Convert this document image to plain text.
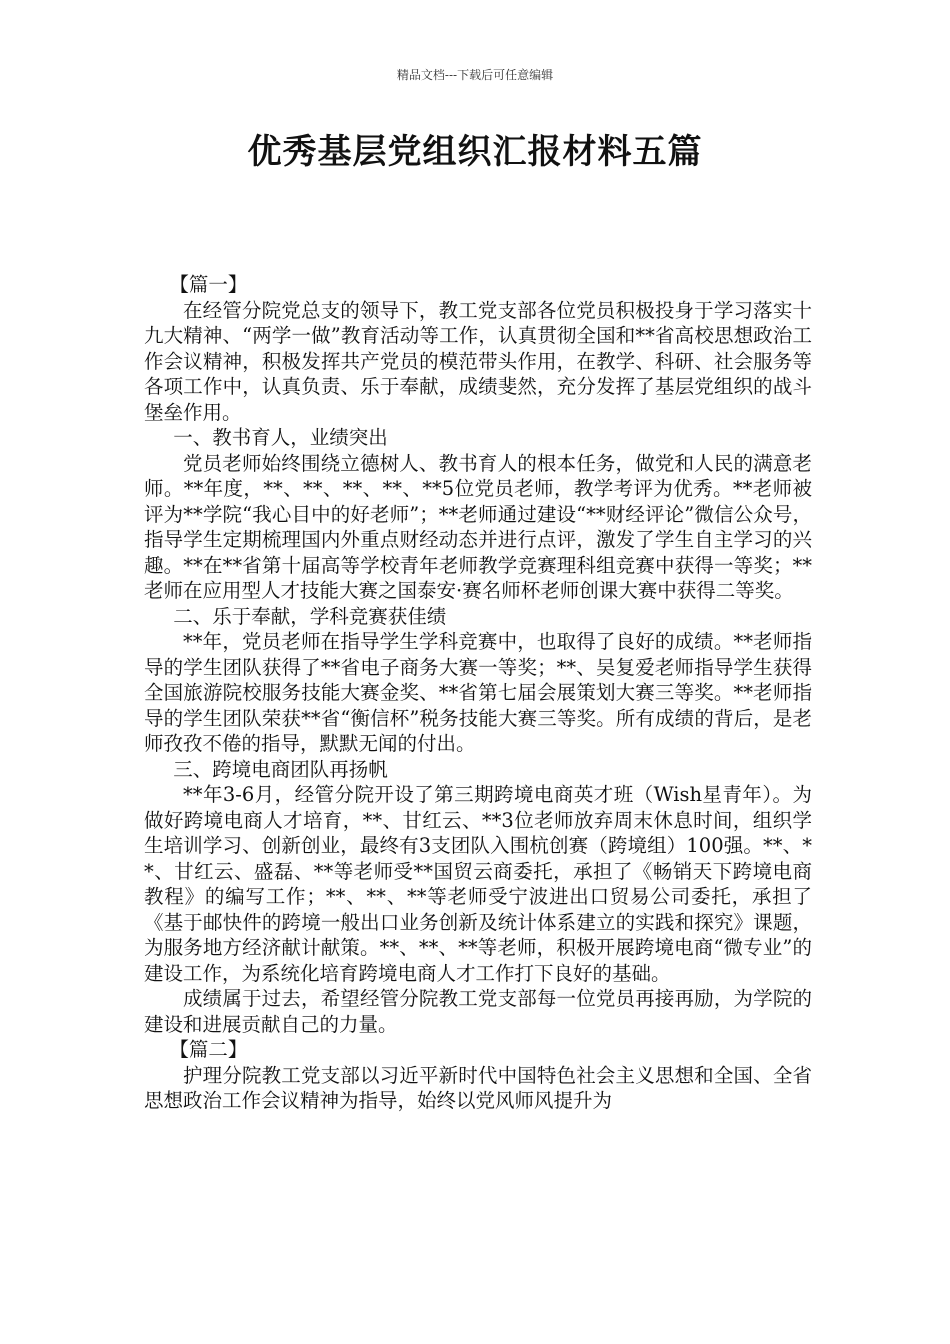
精品文档---下载后可任意编辑
优秀基层党组织汇报材料五篇

【篇一】

在经管分院党总支的领导下，教工党支部各位党员积极投身于学习落实十九大精神、“两学一做”教育活动等工作，认真贯彻全国和**省高校思想政治工作会议精神，积极发挥共产党员的模范带头作用，在教学、科研、社会服务等各项工作中，认真负责、乐于奉献，成绩斐然，充分发挥了基层党组织的战斗堡垒作用。

一、教书育人，业绩突出

党员老师始终围绕立德树人、教书育人的根本任务，做党和人民的满意老师。**年度，**、**、**、**、**5位党员老师，教学考评为优秀。**老师被评为**学院“我心目中的好老师”；**老师通过建设“**财经评论”微信公众号，指导学生定期梳理国内外重点财经动态并进行点评，激发了学生自主学习的兴趣。**在**省第十届高等学校青年老师教学竞赛理科组竞赛中获得一等奖；**老师在应用型人才技能大赛之国泰安·赛名师杯老师创课大赛中获得二等奖。

二、乐于奉献，学科竞赛获佳绩

**年，党员老师在指导学生学科竞赛中，也取得了良好的成绩。**老师指导的学生团队获得了**省电子商务大赛一等奖；**、吴复爱老师指导学生获得全国旅游院校服务技能大赛金奖、**省第七届会展策划大赛三等奖。**老师指导的学生团队荣获**省“衡信杯”税务技能大赛三等奖。所有成绩的背后，是老师孜孜不倦的指导，默默无闻的付出。

三、跨境电商团队再扬帆

**年3-6月，经管分院开设了第三期跨境电商英才班（Wish星青年）。为做好跨境电商人才培育，**、甘红云、**3位老师放弃周末休息时间，组织学生培训学习、创新创业，最终有3支团队入围杭创赛（跨境组）100强。**、**、甘红云、盛磊、**等老师受**国贸云商委托，承担了《畅销天下跨境电商教程》的编写工作；**、**、**等老师受宁波进出口贸易公司委托，承担了《基于邮快件的跨境一般出口业务创新及统计体系建立的实践和探究》课题，为服务地方经济献计献策。**、**、**等老师，积极开展跨境电商“微专业”的建设工作，为系统化培育跨境电商人才工作打下良好的基础。

成绩属于过去，希望经管分院教工党支部每一位党员再接再励，为学院的建设和进展贡献自己的力量。

【篇二】

护理分院教工党支部以习近平新时代中国特色社会主义思想和全国、全省思想政治工作会议精神为指导，始终以党风师风提升为
